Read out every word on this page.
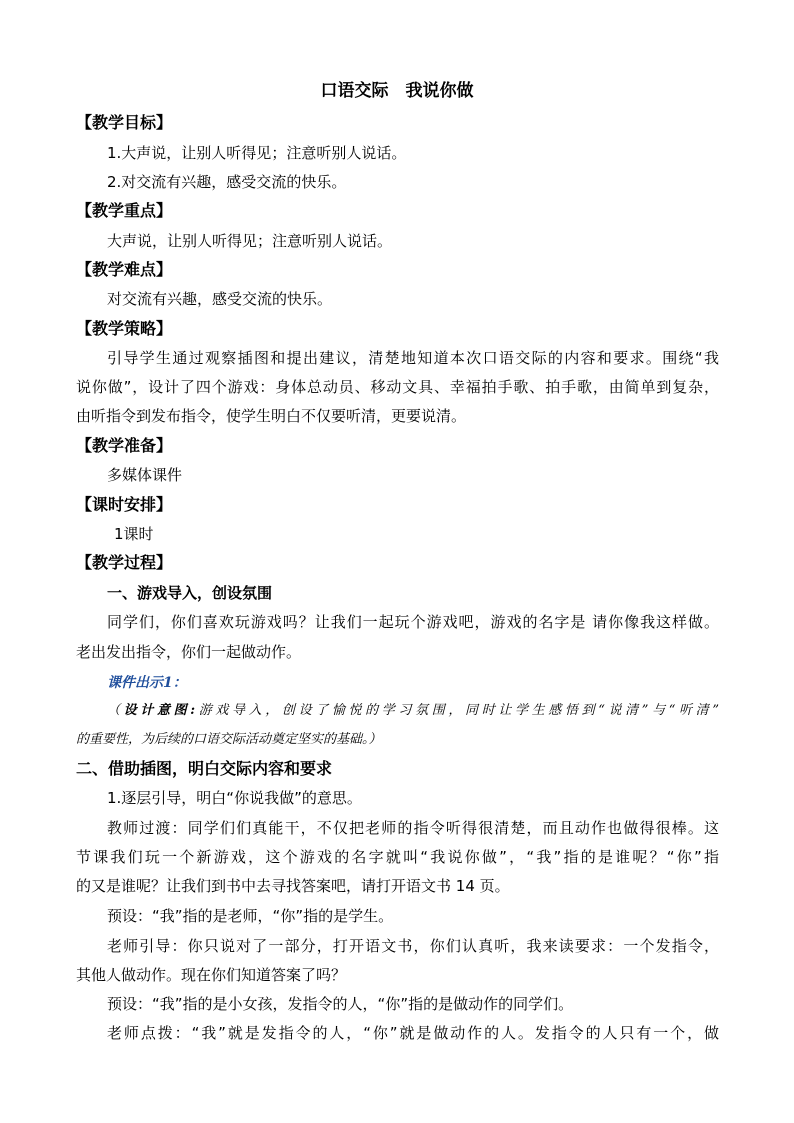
口语交际　我说你做
【教学目标】
1.大声说，让别人听得见；注意听别人说话。
2.对交流有兴趣，感受交流的快乐。
【教学重点】
大声说，让别人听得见；注意听别人说话。
【教学难点】
对交流有兴趣，感受交流的快乐。
【教学策略】
引导学生通过观察插图和提出建议，清楚地知道本次口语交际的内容和要求。围绕“我
说你做”，设计了四个游戏：身体总动员、移动文具、幸福拍手歌、拍手歌，由简单到复杂，
由听指令到发布指令，使学生明白不仅要听清，更要说清。
【教学准备】
多媒体课件
【课时安排】
1课时
【教学过程】
一、游戏导入，创设氛围
同学们，你们喜欢玩游戏吗？让我们一起玩个游戏吧，游戏的名字是 请你像我这样做。
老出发出指令，你们一起做动作。
课件出示1：
（设计意图:游戏导入，创设了愉悦的学习氛围，同时让学生感悟到“说清”与“听清”
的重要性，为后续的口语交际活动奠定坚实的基础。）
二、借助插图，明白交际内容和要求
1.逐层引导，明白“你说我做”的意思。
教师过渡：同学们们真能干，不仅把老师的指令听得很清楚，而且动作也做得很棒。这
节课我们玩一个新游戏，这个游戏的名字就叫“我说你做”，“我”指的是谁呢？“你”指
的又是谁呢？让我们到书中去寻找答案吧，请打开语文书 14 页。
预设：“我”指的是老师，“你”指的是学生。
老师引导：你只说对了一部分，打开语文书，你们认真听，我来读要求：一个发指令，
其他人做动作。现在你们知道答案了吗？
预设：“我”指的是小女孩，发指令的人，“你”指的是做动作的同学们。
老师点拨：“我”就是发指令的人，“你”就是做动作的人。发指令的人只有一个，做
